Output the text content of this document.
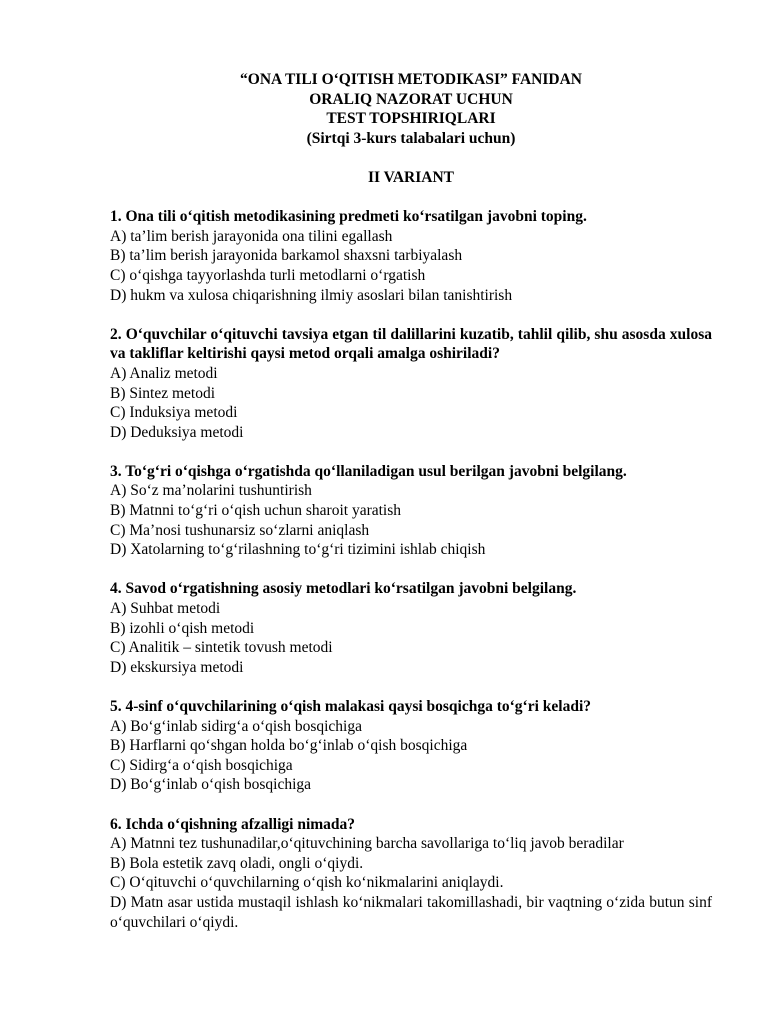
“ONA TILI O‘QITISH METODIKASI” FANIDAN
ORALIQ NAZORAT UCHUN
TEST TOPSHIRIQLARI
(Sirtqi 3-kurs talabalari uchun)
II VARIANT
1. Ona tili o‘qitish metodikasining predmeti ko‘rsatilgan javobni toping.
A) ta’lim berish jarayonida ona tilini egallash
B) ta’lim berish jarayonida barkamol shaxsni tarbiyalash
C) o‘qishga tayyorlashda turli metodlarni o‘rgatish
D) hukm va xulosa chiqarishning ilmiy asoslari bilan tanishtirish
2. O‘quvchilar o‘qituvchi tavsiya etgan til dalillarini kuzatib, tahlil qilib, shu asosda xulosa va takliflar keltirishi qaysi metod orqali amalga oshiriladi?
A) Analiz metodi
B) Sintez metodi
C) Induksiya metodi
D) Deduksiya metodi
3. To‘g‘ri o‘qishga o‘rgatishda qo‘llaniladigan usul berilgan javobni belgilang.
A) So‘z ma’nolarini tushuntirish
B) Matnni to‘g‘ri o‘qish uchun sharoit yaratish
C) Ma’nosi tushunarsiz so‘zlarni aniqlash
D) Xatolarning to‘g‘rilashning to‘g‘ri tizimini ishlab chiqish
4. Savod o‘rgatishning asosiy metodlari ko‘rsatilgan javobni belgilang.
A) Suhbat metodi
B) izohli o‘qish metodi
C) Analitik – sintetik tovush metodi
D) ekskursiya metodi
5. 4-sinf o‘quvchilarining o‘qish malakasi qaysi bosqichga to‘g‘ri keladi?
A) Bo‘g‘inlab sidirg‘a o‘qish bosqichiga
B) Harflarni qo‘shgan holda bo‘g‘inlab o‘qish bosqichiga
C) Sidirg‘a o‘qish bosqichiga
D) Bo‘g‘inlab o‘qish bosqichiga
6. Ichda o‘qishning afzalligi nimada?
A) Matnni tez tushunadilar,o‘qituvchining barcha savollariga to‘liq javob beradilar
B) Bola estetik zavq oladi, ongli o‘qiydi.
C) O‘qituvchi o‘quvchilarning o‘qish ko‘nikmalarini aniqlaydi.
D) Matn asar ustida mustaqil ishlash ko‘nikmalari takomillashadi, bir vaqtning o‘zida butun sinf o‘quvchilari o‘qiydi.
